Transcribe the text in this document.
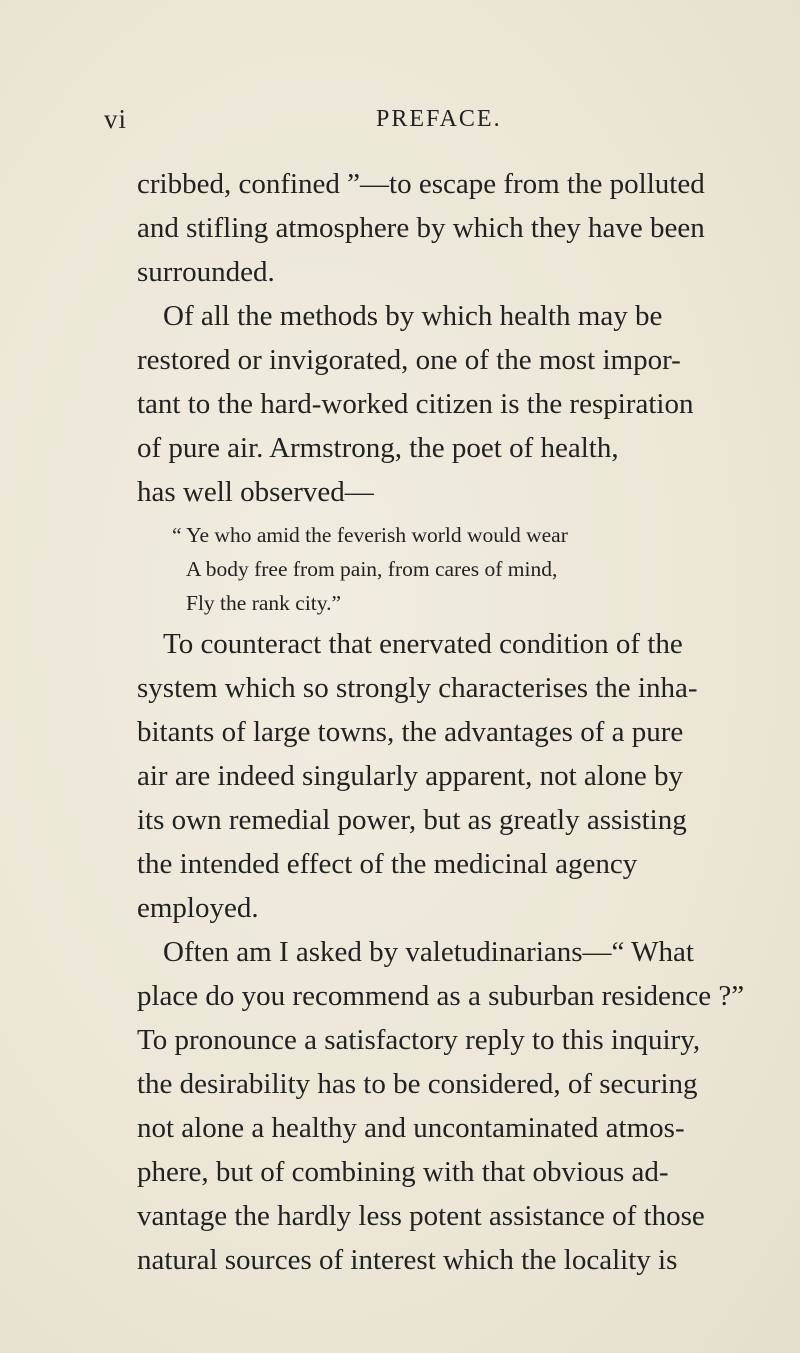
vi	PREFACE.
cribbed, confined ”—to escape from the polluted
and stifling atmosphere by which they have been
surrounded.
Of all the methods by which health may be
restored or invigorated, one of the most impor-
tant to the hard-worked citizen is the respiration
of pure air. Armstrong, the poet of health,
has well observed—
“ Ye who amid the feverish world would wear
A body free from pain, from cares of mind,
Fly the rank city.”
To counteract that enervated condition of the
system which so strongly characterises the inha-
bitants of large towns, the advantages of a pure
air are indeed singularly apparent, not alone by
its own remedial power, but as greatly assisting
the intended effect of the medicinal agency
employed.
Often am I asked by valetudinarians—“ What
place do you recommend as a suburban residence ?”
To pronounce a satisfactory reply to this inquiry,
the desirability has to be considered, of securing
not alone a healthy and uncontaminated atmos-
phere, but of combining with that obvious ad-
vantage the hardly less potent assistance of those
natural sources of interest which the locality is
